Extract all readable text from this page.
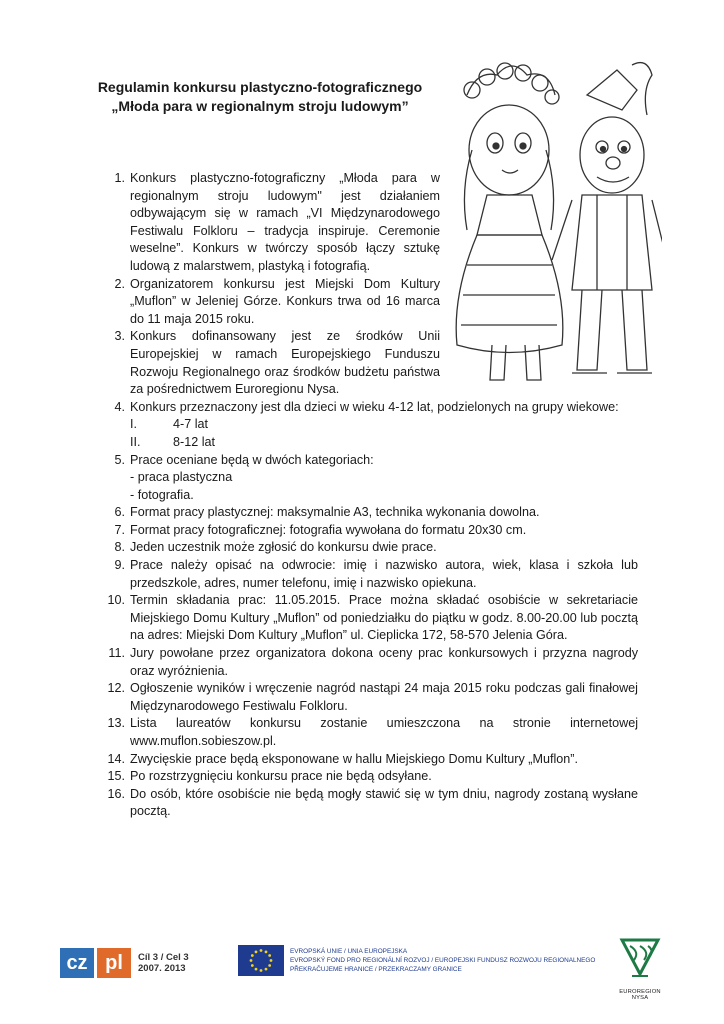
Regulamin konkursu plastyczno-fotograficznego
„Młoda para w regionalnym stroju ludowym”
1. Konkurs plastyczno-fotograficzny „Młoda para w regionalnym stroju ludowym" jest działaniem odbywającym się w ramach „VI Międzynarodowego Festiwalu Folkloru – tradycja inspiruje. Ceremonie weselne”. Konkurs w twórczy sposób łączy sztukę ludową z malarstwem, plastyką i fotografią.
2. Organizatorem konkursu jest Miejski Dom Kultury „Muflon” w Jeleniej Górze. Konkurs trwa od 16 marca do 11 maja 2015 roku.
3. Konkurs dofinansowany jest ze środków Unii Europejskiej w ramach Europejskiego Funduszu Rozwoju Regionalnego oraz środków budżetu państwa za pośrednictwem Euroregionu Nysa.
4. Konkurs przeznaczony jest dla dzieci w wieku 4-12 lat, podzielonych na grupy wiekowe:
I.	4-7 lat
II.	8-12 lat
5. Prace oceniane będą w dwóch kategoriach:
- praca plastyczna
- fotografia.
6. Format pracy plastycznej: maksymalnie A3, technika wykonania dowolna.
7. Format pracy fotograficznej: fotografia wywołana do formatu 20x30 cm.
8. Jeden uczestnik może zgłosić do konkursu dwie prace.
9. Prace należy opisać na odwrocie: imię i nazwisko autora, wiek, klasa i szkoła lub przedszkole, adres, numer telefonu, imię i nazwisko opiekuna.
10. Termin składania prac: 11.05.2015. Prace można składać osobiście w sekretariacie Miejskiego Domu Kultury „Muflon” od poniedziałku do piątku w godz. 8.00-20.00 lub pocztą na adres: Miejski Dom Kultury „Muflon” ul. Cieplicka 172, 58-570 Jelenia Góra.
11. Jury powołane przez organizatora dokona oceny prac konkursowych i przyzna nagrody oraz wyróżnienia.
12. Ogłoszenie wyników i wręczenie nagród nastąpi 24 maja 2015 roku podczas gali finałowej Międzynarodowego Festiwalu Folkloru.
13. Lista laureatów konkursu zostanie umieszczona na stronie internetowej www.muflon.sobieszow.pl.
14. Zwycięskie prace będą eksponowane w hallu Miejskiego Domu Kultury „Muflon”.
15. Po rozstrzygnięciu konkursu prace nie będą odsyłane.
16. Do osób, które osobiście nie będą mogły stawić się w tym dniu, nagrody zostaną wysłane pocztą.
cz pl	Cíl 3 / Cel 3
2007. 2013
EVROPSKÁ UNIE / UNIA EUROPEJSKA
EVROPSKÝ FOND PRO REGIONÁLNÍ ROZVOJ / EUROPEJSKI FUNDUSZ ROZWOJU REGIONALNEGO
PŘEKRAČUJEME HRANICE / PRZEKRACZAMY GRANICE
EUROREGION NYSA
